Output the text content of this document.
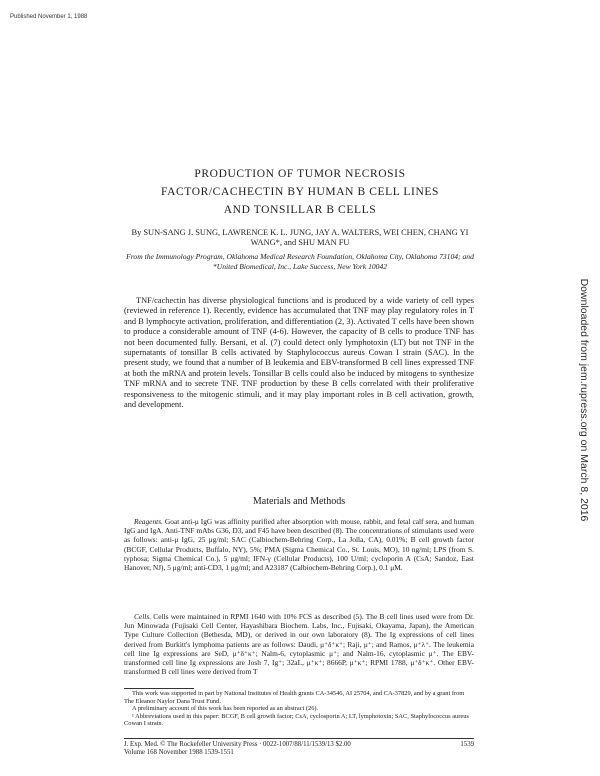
Published November 1, 1988
Downloaded from jem.rupress.org on March 8, 2016
PRODUCTION OF TUMOR NECROSIS
FACTOR/CACHECTIN BY HUMAN B CELL LINES
AND TONSILLAR B CELLS
By SUN-SANG J. SUNG, LAWRENCE K. L. JUNG, JAY A. WALTERS, WEI CHEN, CHANG YI WANG*, and SHU MAN FU
From the Immunology Program, Oklahoma Medical Research Foundation, Oklahoma City, Oklahoma 73104; and *United Biomedical, Inc., Lake Success, New York 10042

TNF/cachectin has diverse physiological functions and is produced by a wide variety of cell types (reviewed in reference 1). Recently, evidence has accumulated that TNF may play regulatory roles in T and B lymphocyte activation, proliferation, and differentiation (2, 3). Activated T cells have been shown to produce a considerable amount of TNF (4-6). However, the capacity of B cells to produce TNF has not been documented fully. Bersani, et al. (7) could detect only lymphotoxin (LT) but not TNF in the supernatants of tonsillar B cells activated by Staphylococcus aureus Cowan I strain (SAC). In the present study, we found that a number of B leukemia and EBV-transformed B cell lines expressed TNF at both the mRNA and protein levels. Tonsillar B cells could also be induced by mitogens to synthesize TNF mRNA and to secrete TNF. TNF production by these B cells correlated with their proliferative responsiveness to the mitogenic stimuli, and it may play important roles in B cell activation, growth, and development.

Materials and Methods

Reagents. Goat anti-μ IgG was affinity purified after absorption with mouse, rabbit, and fetal calf sera, and human IgG and IgA. Anti-TNF mAbs G36, D3, and F45 have been described (8). The concentrations of stimulants used were as follows: anti-μ IgG, 25 μg/ml; SAC (Calbiochem-Behring Corp., La Jolla, CA), 0.01%; B cell growth factor (BCGF, Cellular Products, Buffalo, NY), 5%; PMA (Sigma Chemical Co., St. Louis, MO), 10 ng/ml; LPS (from S. typhosa; Sigma Chemical Co.), 5 μg/ml; IFN-γ (Cellular Products), 100 U/ml; cycloporin A (CsA; Sandoz, East Hanover, NJ), 5 μg/ml; anti-CD3, 1 μg/ml; and A23187 (Calbiochem-Behring Corp.), 0.1 μM.

Cells. Cells were maintained in RPMI 1640 with 10% FCS as described (5). The B cell lines used were from Dr. Jun Minowada (Fujisaki Cell Center, Hayashibara Biochem. Labs, Inc., Fujisaki, Okayama, Japan), the American Type Culture Collection (Bethesda, MD), or derived in our own laboratory (8). The Ig expressions of cell lines derived from Burkitt's lymphoma patients are as follows: Daudi, μ⁺δ⁺κ⁺; Raji, μ⁺; and Ramos, μ⁺λ⁺. The leukemia cell line Ig expressions are SeD, μ⁺δ⁺κ⁺; Nalm-6, cytoplasmic μ⁺; and Nalm-16, cytoplasmic μ⁺. The EBV-transformed cell line Ig expressions are Josh 7, Ig⁺; 32aL, μ⁺κ⁺; 8666P, μ⁺κ⁺; RPMI 1788, μ⁺δ⁺κ⁺. Other EBV-transformed B cell lines were derived from T

This work was supported in part by National Institutes of Health grants CA-34546, AI 25704, and CA-37829, and by a grant from The Eleanor Naylor Dana Trust Fund.

A preliminary account of this work has been reported as an abstract (26).

¹ Abbreviations used in this paper: BCGF, B cell growth factor; CsA, cyclosporin A; LT, lymphotoxin; SAC, Staphylococcus aureus Cowan I strain.

J. Exp. Med. © The Rockefeller University Press · 0022-1007/88/11/1539/13 $2.00	1539
Volume 168 November 1988 1539-1551
